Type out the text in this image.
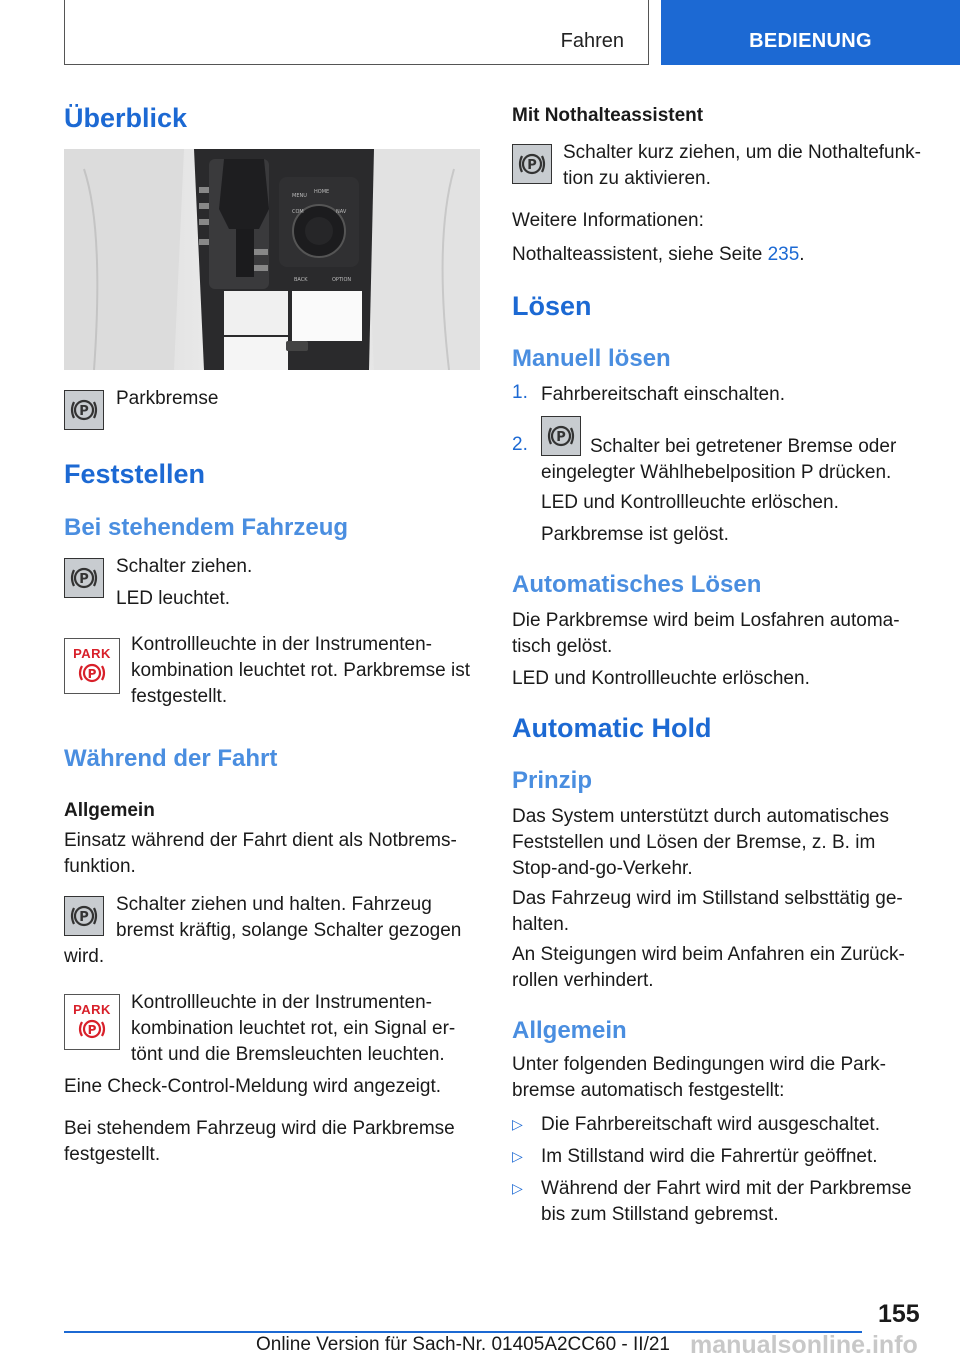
Fahren	BEDIENUNG
Überblick
MENU
HOME
COM	NAV
BACK	OPTION
P
Parkbremse
Feststellen
Bei stehendem Fahrzeug
P
Schalter ziehen.
LED leuchtet.
PARK
P
Kontrollleuchte in der Instrumenten‐
kombination leuchtet rot. Parkbremse ist
festgestellt.
Während der Fahrt
Allgemein
Einsatz während der Fahrt dient als Notbrems‐
funktion.
P
Schalter ziehen und halten. Fahrzeug
bremst kräftig, solange Schalter gezogen
wird.
PARK
P
Kontrollleuchte in der Instrumenten‐
kombination leuchtet rot, ein Signal er‐
tönt und die Bremsleuchten leuchten.
Eine Check-Control-Meldung wird angezeigt.
Bei stehendem Fahrzeug wird die Parkbremse
festgestellt.
Mit Nothalteassistent
P
Schalter kurz ziehen, um die Nothaltefunk‐
tion zu aktivieren.
Weitere Informationen:
Nothalteassistent, siehe Seite 235.
Lösen
Manuell lösen
1. Fahrbereitschaft einschalten.
2. P Schalter bei getretener Bremse oder
eingelegter Wählhebelposition P drücken.
LED und Kontrollleuchte erlöschen.
Parkbremse ist gelöst.
Automatisches Lösen
Die Parkbremse wird beim Losfahren automa‐
tisch gelöst.
LED und Kontrollleuchte erlöschen.
Automatic Hold
Prinzip
Das System unterstützt durch automatisches
Feststellen und Lösen der Bremse, z. B. im
Stop-and-go-Verkehr.
Das Fahrzeug wird im Stillstand selbsttätig ge‐
halten.
An Steigungen wird beim Anfahren ein Zurück‐
rollen verhindert.
Allgemein
Unter folgenden Bedingungen wird die Park‐
bremse automatisch festgestellt:
▷ Die Fahrbereitschaft wird ausgeschaltet.
▷ Im Stillstand wird die Fahrertür geöffnet.
▷ Während der Fahrt wird mit der Parkbremse
bis zum Stillstand gebremst.
155
Online Version für Sach-Nr. 01405A2CC60 - II/21 manualsonline.info
